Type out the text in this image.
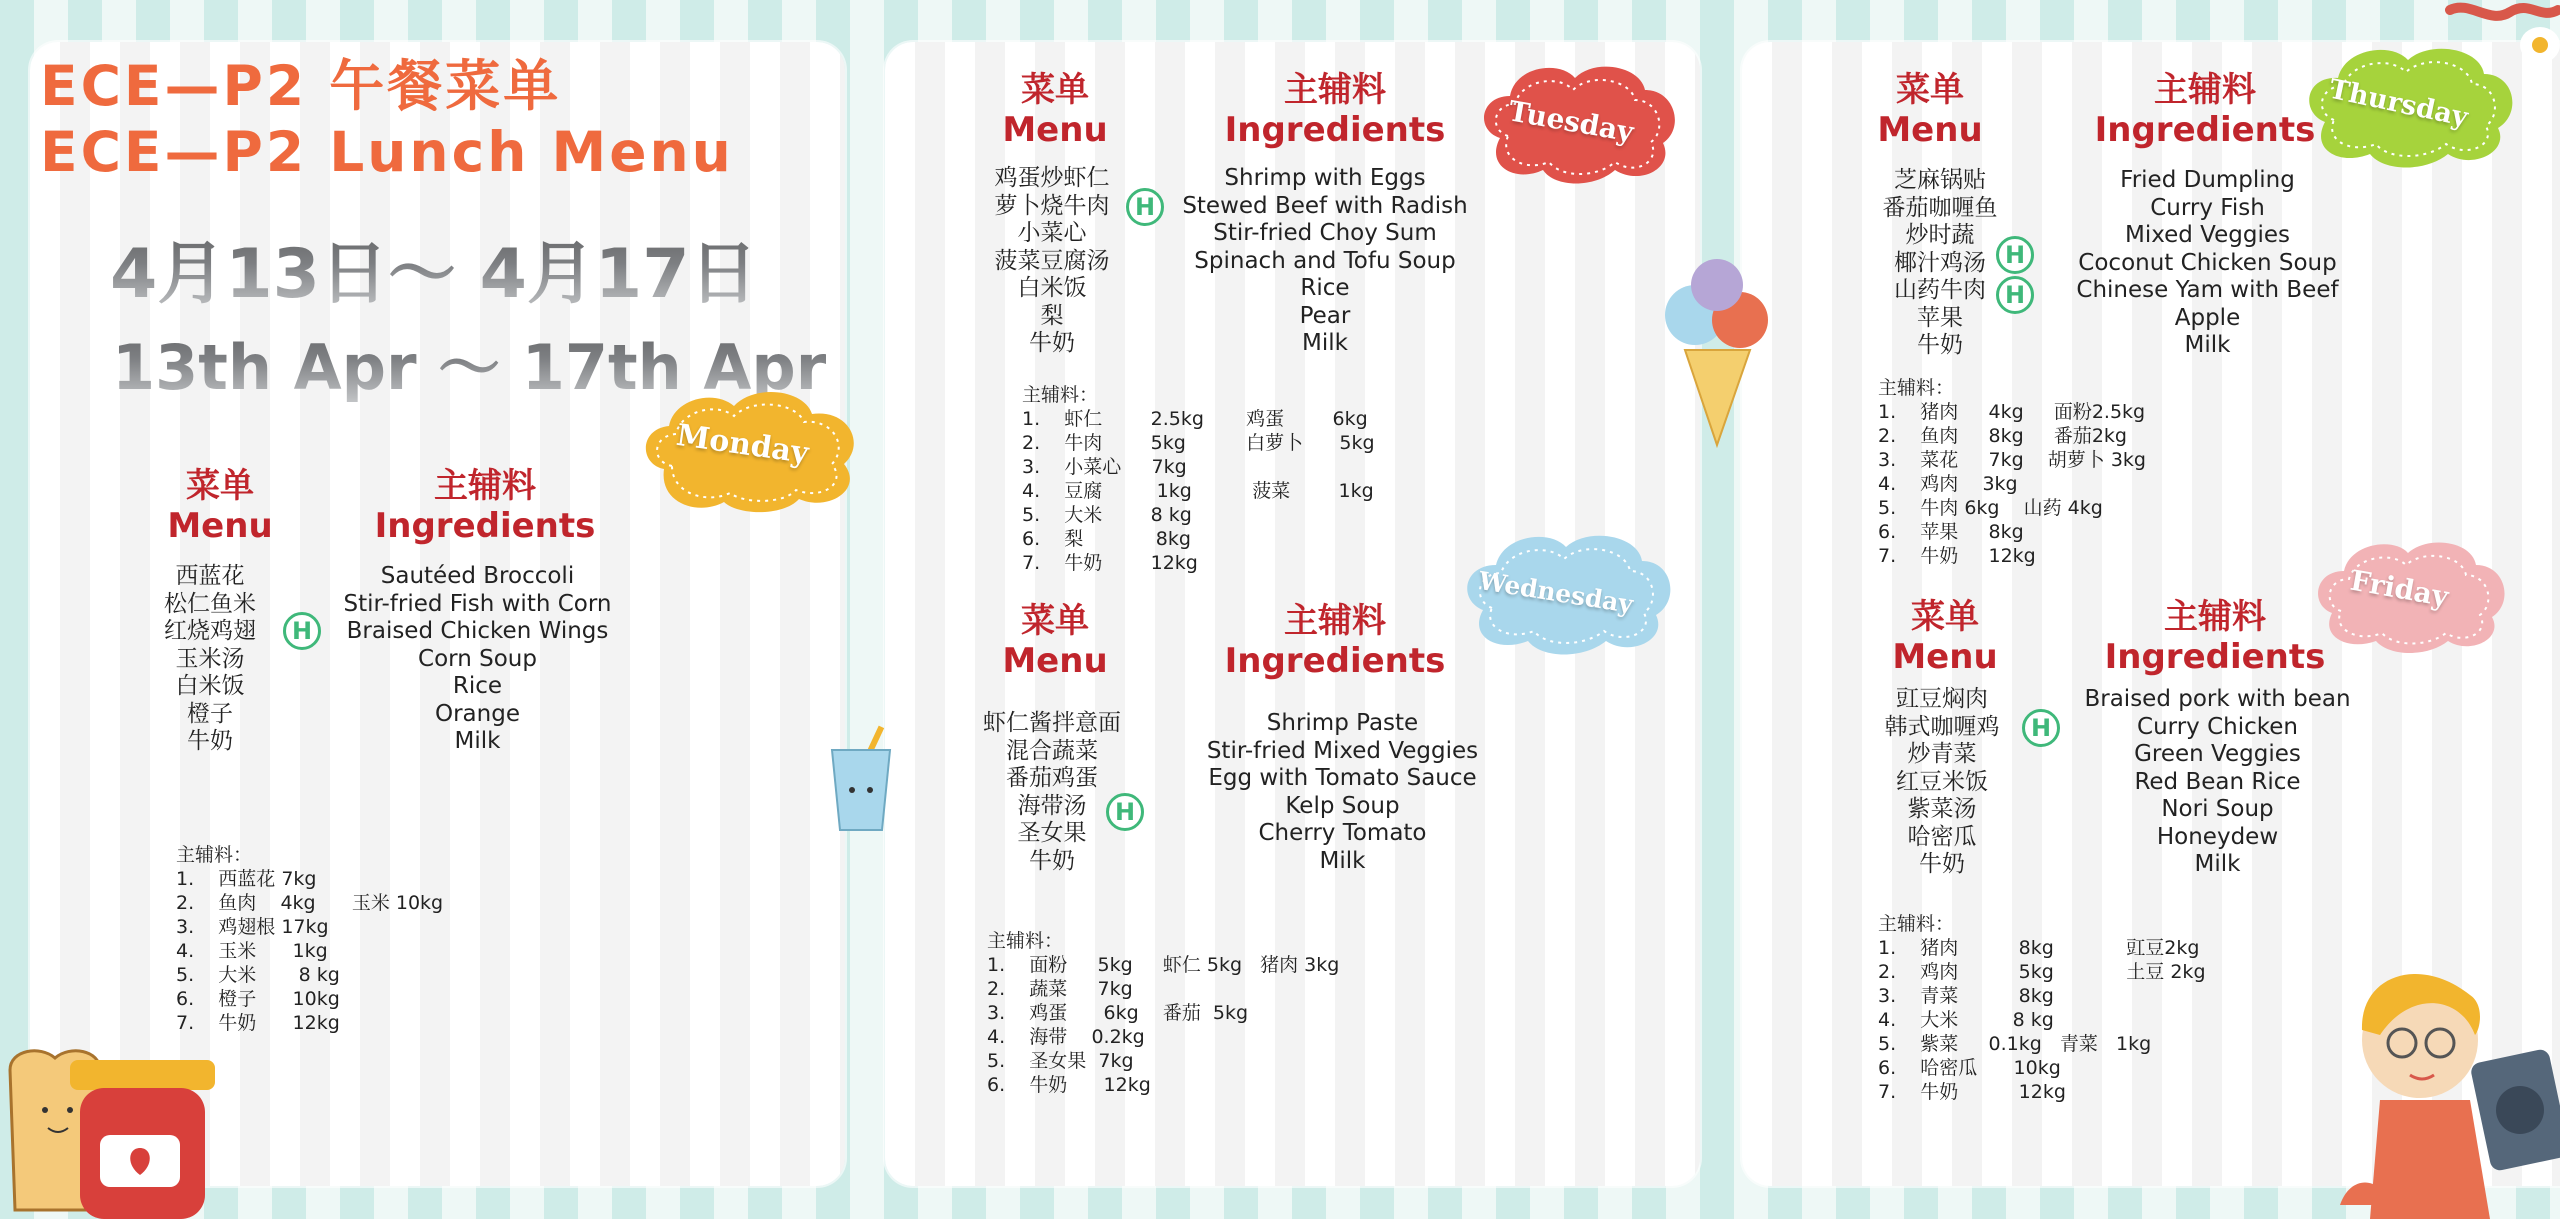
ECE—P2 午餐菜单
ECE—P2 Lunch Menu
4月13日～ 4月17日
13th Apr ～ 17th Apr
Monday
菜单
Menu
主辅料
Ingredients
西蓝花
松仁鱼米
红烧鸡翅
玉米汤
白米饭
橙子
牛奶
Sautéed Broccoli
Stir-fried Fish with Corn
Braised Chicken Wings
Corn Soup
Rice
Orange
Milk
H
主辅料：
1.    西蓝花 7kg
2.    鱼肉    4kg      玉米 10kg
3.    鸡翅根 17kg
4.    玉米      1kg
5.    大米       8 kg
6.    橙子      10kg
7.    牛奶      12kg
菜单
Menu
主辅料
Ingredients
鸡蛋炒虾仁
萝卜烧牛肉
小菜心
菠菜豆腐汤
白米饭
梨
牛奶
Shrimp with Eggs
Stewed Beef with Radish
Stir-fried Choy Sum
Spinach and Tofu Soup
Rice
Pear
Milk
H
主辅料：
1.    虾仁        2.5kg       鸡蛋        6kg
2.    牛肉        5kg          白萝卜      5kg
3.    小菜心     7kg
4.    豆腐         1kg          菠菜        1kg
5.    大米        8 kg
6.    梨            8kg
7.    牛奶        12kg
Tuesday
菜单
Menu
主辅料
Ingredients
虾仁酱拌意面
混合蔬菜
番茄鸡蛋
海带汤
圣女果
牛奶
Shrimp Paste
Stir-fried Mixed Veggies
Egg with Tomato Sauce
Kelp Soup
Cherry Tomato
Milk
H
主辅料：
1.    面粉     5kg     虾仁 5kg   猪肉 3kg
2.    蔬菜     7kg
3.    鸡蛋      6kg    番茄  5kg
4.    海带    0.2kg
5.    圣女果  7kg
6.    牛奶      12kg
Wednesday
菜单
Menu
主辅料
Ingredients
芝麻锅贴
番茄咖喱鱼
炒时蔬
椰汁鸡汤
山药牛肉
苹果
牛奶
Fried Dumpling
Curry Fish
Mixed Veggies
Coconut Chicken Soup
Chinese Yam with Beef
Apple
Milk
H
H
主辅料：
1.    猪肉     4kg     面粉2.5kg
2.    鱼肉     8kg     番茄2kg
3.    菜花     7kg    胡萝卜 3kg
4.    鸡肉    3kg
5.    牛肉 6kg    山药 4kg
6.    苹果     8kg
7.    牛奶     12kg
Thursday
菜单
Menu
主辅料
Ingredients
豇豆焖肉
韩式咖喱鸡
炒青菜
红豆米饭
紫菜汤
哈密瓜
牛奶
Braised pork with bean
Curry Chicken
Green Veggies
Red Bean Rice
Nori Soup
Honeydew
Milk
H
主辅料：
1.    猪肉          8kg            豇豆2kg
2.    鸡肉          5kg            土豆 2kg
3.    青菜          8kg
4.    大米         8 kg
5.    紫菜     0.1kg   青菜   1kg
6.    哈密瓜      10kg
7.    牛奶          12kg
Friday
